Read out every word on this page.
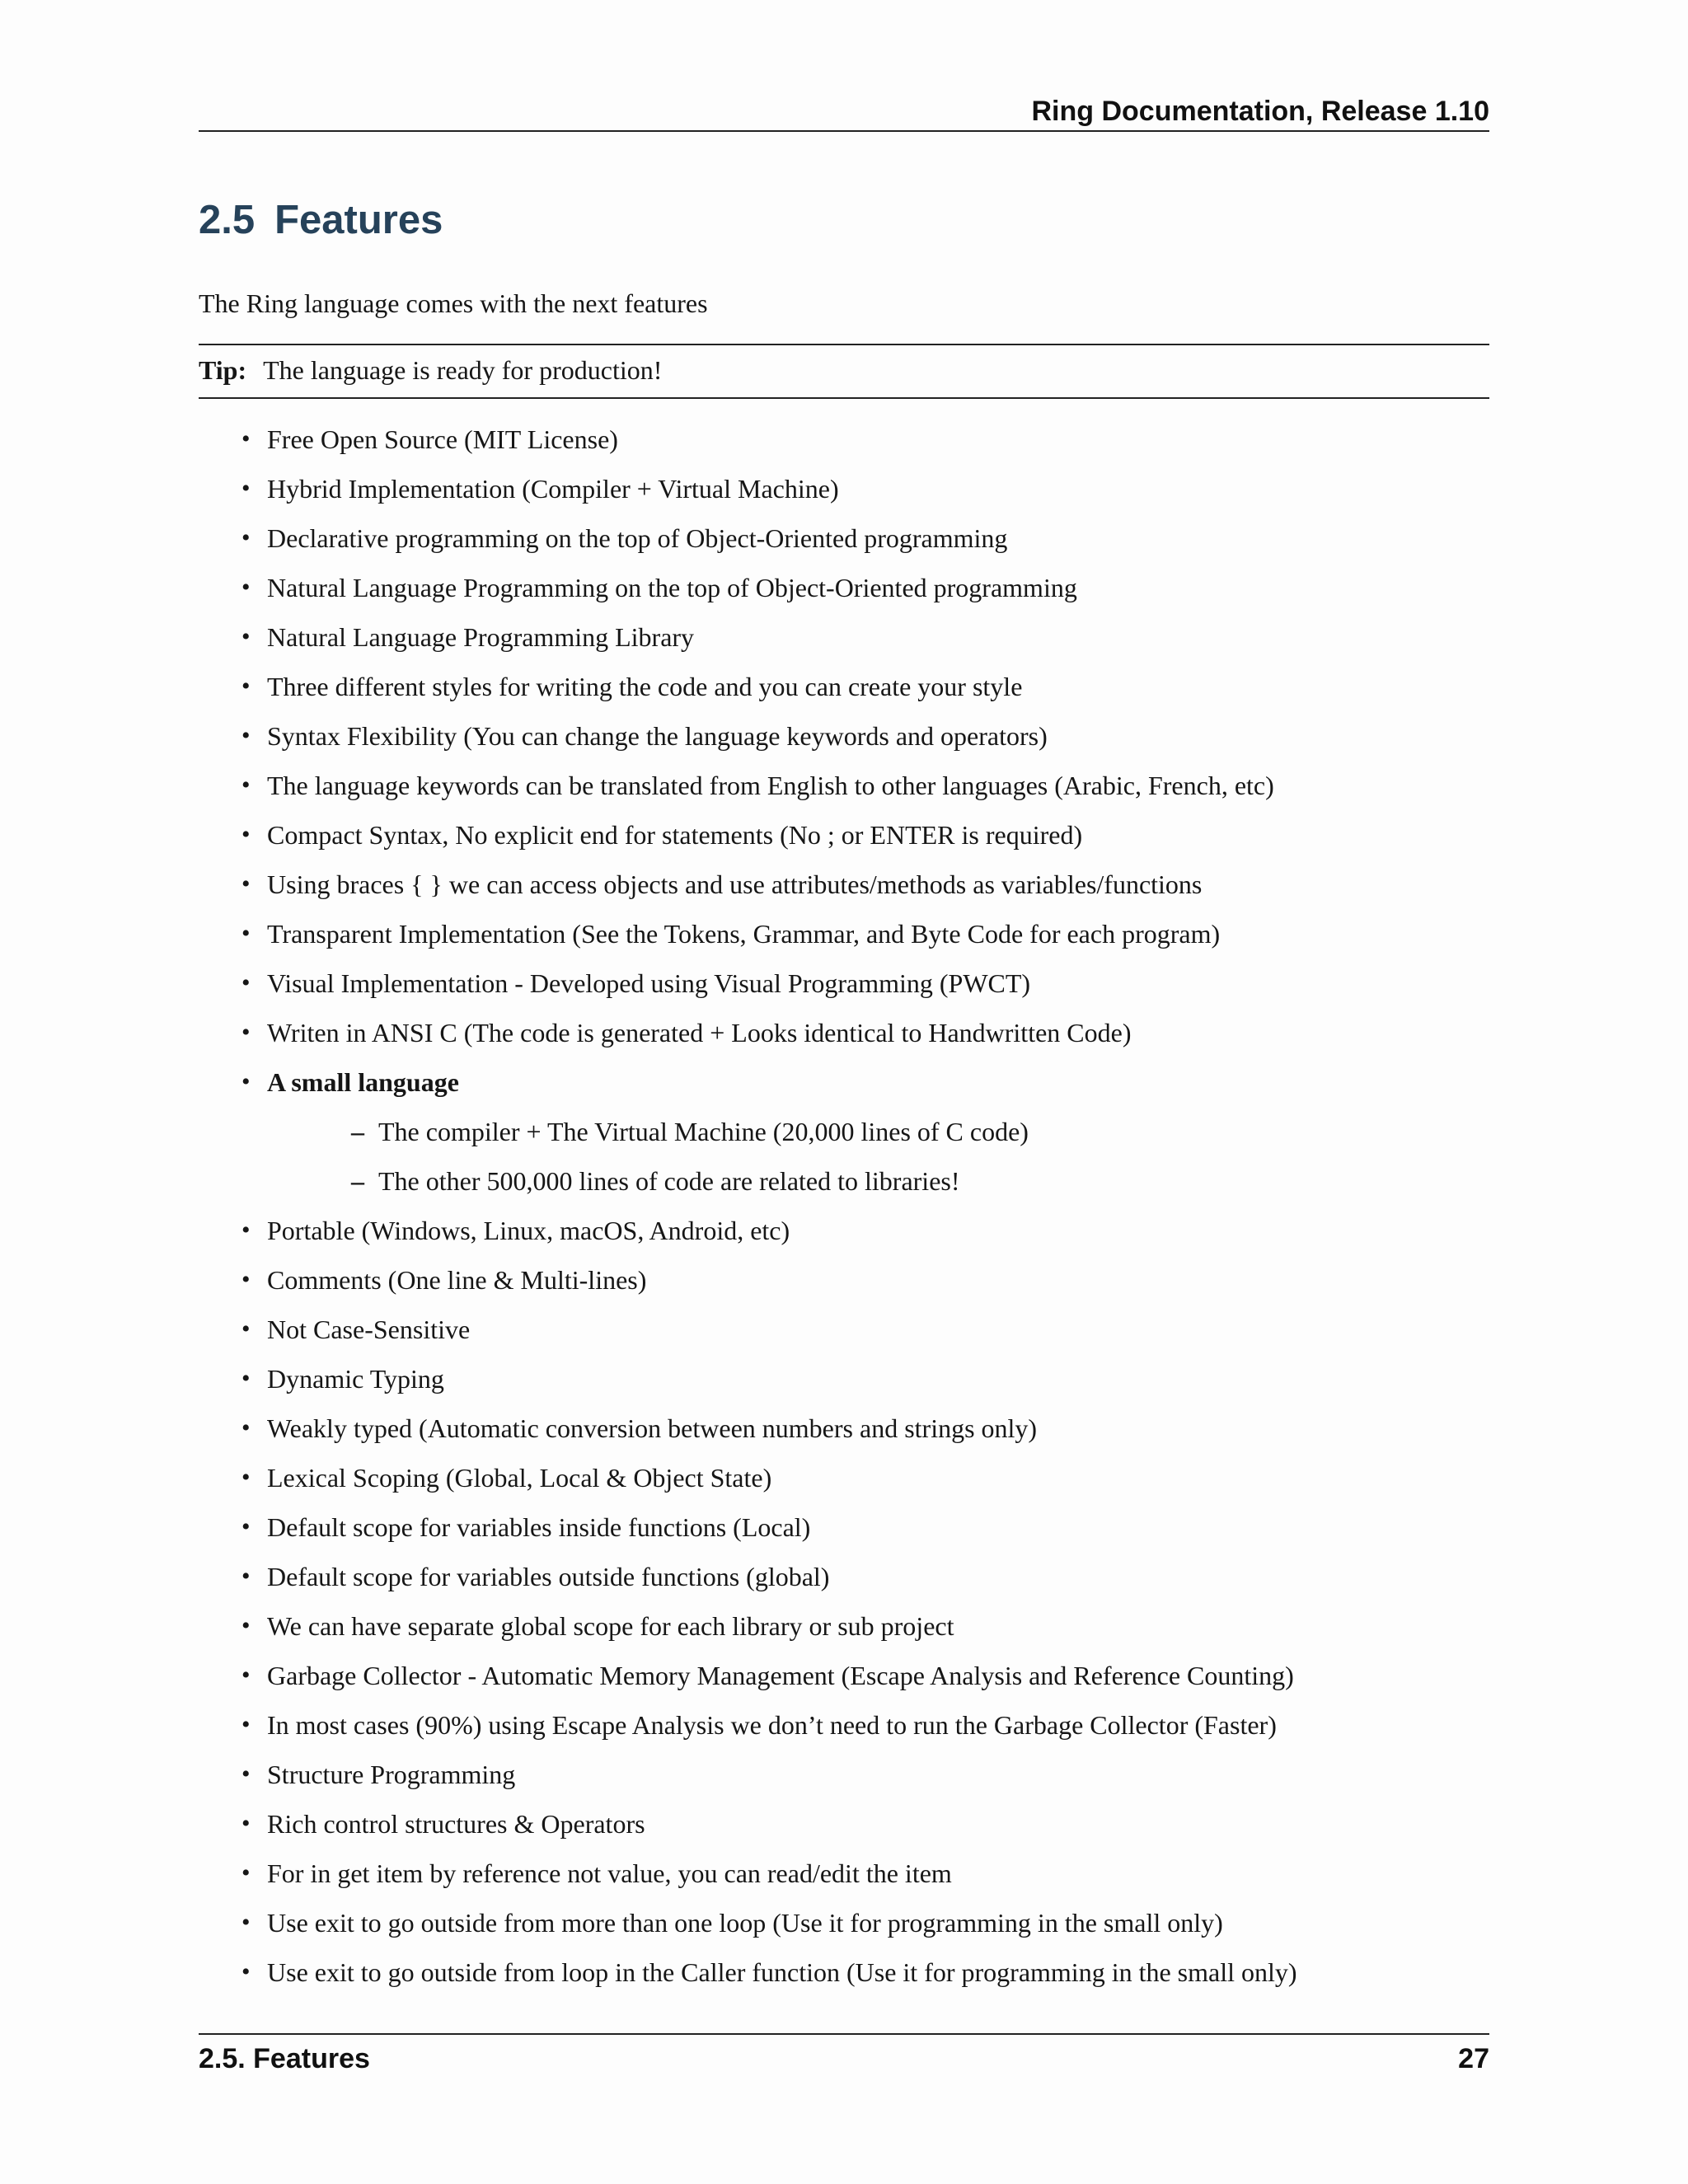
Ring Documentation, Release 1.10
2.5 Features
The Ring language comes with the next features
Tip: The language is ready for production!
• Free Open Source (MIT License)
• Hybrid Implementation (Compiler + Virtual Machine)
• Declarative programming on the top of Object-Oriented programming
• Natural Language Programming on the top of Object-Oriented programming
• Natural Language Programming Library
• Three different styles for writing the code and you can create your style
• Syntax Flexibility (You can change the language keywords and operators)
• The language keywords can be translated from English to other languages (Arabic, French, etc)
• Compact Syntax, No explicit end for statements (No ; or ENTER is required)
• Using braces { } we can access objects and use attributes/methods as variables/functions
• Transparent Implementation (See the Tokens, Grammar, and Byte Code for each program)
• Visual Implementation - Developed using Visual Programming (PWCT)
• Writen in ANSI C (The code is generated + Looks identical to Handwritten Code)
• A small language
– The compiler + The Virtual Machine (20,000 lines of C code)
– The other 500,000 lines of code are related to libraries!
• Portable (Windows, Linux, macOS, Android, etc)
• Comments (One line & Multi-lines)
• Not Case-Sensitive
• Dynamic Typing
• Weakly typed (Automatic conversion between numbers and strings only)
• Lexical Scoping (Global, Local & Object State)
• Default scope for variables inside functions (Local)
• Default scope for variables outside functions (global)
• We can have separate global scope for each library or sub project
• Garbage Collector - Automatic Memory Management (Escape Analysis and Reference Counting)
• In most cases (90%) using Escape Analysis we don’t need to run the Garbage Collector (Faster)
• Structure Programming
• Rich control structures & Operators
• For in get item by reference not value, you can read/edit the item
• Use exit to go outside from more than one loop (Use it for programming in the small only)
• Use exit to go outside from loop in the Caller function (Use it for programming in the small only)
2.5. Features	27
